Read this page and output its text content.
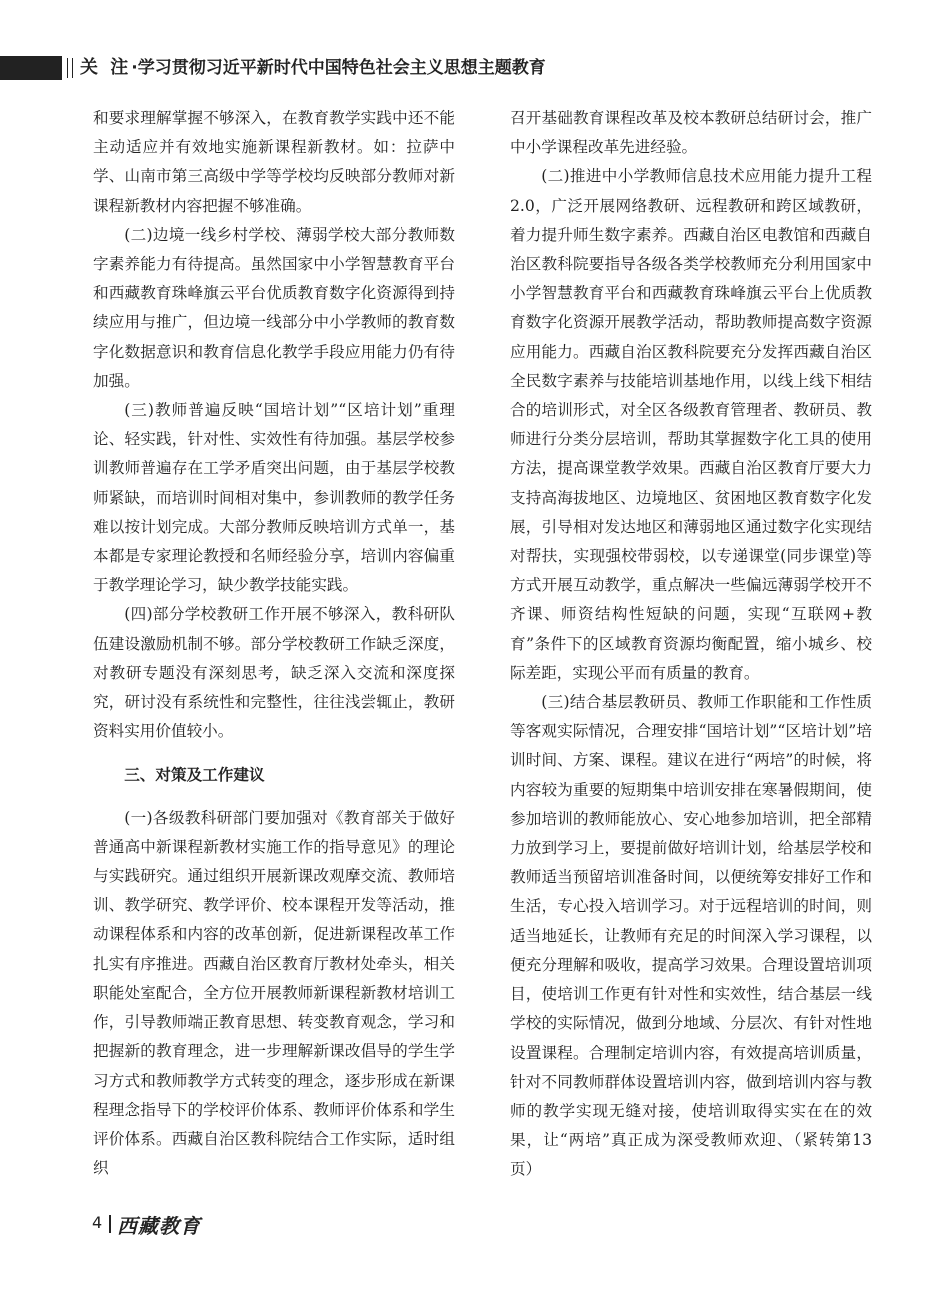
关 注·学习贯彻习近平新时代中国特色社会主义思想主题教育

和要求理解掌握不够深入，在教育教学实践中还不能主动适应并有效地实施新课程新教材。如：拉萨中学、山南市第三高级中学等学校均反映部分教师对新课程新教材内容把握不够准确。

(二)边境一线乡村学校、薄弱学校大部分教师数字素养能力有待提高。虽然国家中小学智慧教育平台和西藏教育珠峰旗云平台优质教育数字化资源得到持续应用与推广，但边境一线部分中小学教师的教育数字化数据意识和教育信息化教学手段应用能力仍有待加强。

(三)教师普遍反映“国培计划”“区培计划”重理论、轻实践，针对性、实效性有待加强。基层学校参训教师普遍存在工学矛盾突出问题，由于基层学校教师紧缺，而培训时间相对集中，参训教师的教学任务难以按计划完成。大部分教师反映培训方式单一，基本都是专家理论教授和名师经验分享，培训内容偏重于教学理论学习，缺少教学技能实践。

(四)部分学校教研工作开展不够深入，教科研队伍建设激励机制不够。部分学校教研工作缺乏深度，对教研专题没有深刻思考，缺乏深入交流和深度探究，研讨没有系统性和完整性，往往浅尝辄止，教研资料实用价值较小。

三、对策及工作建议

(一)各级教科研部门要加强对《教育部关于做好普通高中新课程新教材实施工作的指导意见》的理论与实践研究。通过组织开展新课改观摩交流、教师培训、教学研究、教学评价、校本课程开发等活动，推动课程体系和内容的改革创新，促进新课程改革工作扎实有序推进。西藏自治区教育厅教材处牵头，相关职能处室配合，全方位开展教师新课程新教材培训工作，引导教师端正教育思想、转变教育观念，学习和把握新的教育理念，进一步理解新课改倡导的学生学习方式和教师教学方式转变的理念，逐步形成在新课程理念指导下的学校评价体系、教师评价体系和学生评价体系。西藏自治区教科院结合工作实际，适时组织

召开基础教育课程改革及校本教研总结研讨会，推广中小学课程改革先进经验。

(二)推进中小学教师信息技术应用能力提升工程2.0，广泛开展网络教研、远程教研和跨区域教研，着力提升师生数字素养。西藏自治区电教馆和西藏自治区教科院要指导各级各类学校教师充分利用国家中小学智慧教育平台和西藏教育珠峰旗云平台上优质教育数字化资源开展教学活动，帮助教师提高数字资源应用能力。西藏自治区教科院要充分发挥西藏自治区全民数字素养与技能培训基地作用，以线上线下相结合的培训形式，对全区各级教育管理者、教研员、教师进行分类分层培训，帮助其掌握数字化工具的使用方法，提高课堂教学效果。西藏自治区教育厅要大力支持高海拔地区、边境地区、贫困地区教育数字化发展，引导相对发达地区和薄弱地区通过数字化实现结对帮扶，实现强校带弱校，以专递课堂(同步课堂)等方式开展互动教学，重点解决一些偏远薄弱学校开不齐课、师资结构性短缺的问题，实现“互联网+教育”条件下的区域教育资源均衡配置，缩小城乡、校际差距，实现公平而有质量的教育。

(三)结合基层教研员、教师工作职能和工作性质等客观实际情况，合理安排“国培计划”“区培计划”培训时间、方案、课程。建议在进行“两培”的时候，将内容较为重要的短期集中培训安排在寒暑假期间，使参加培训的教师能放心、安心地参加培训，把全部精力放到学习上，要提前做好培训计划，给基层学校和教师适当预留培训准备时间，以便统筹安排好工作和生活，专心投入培训学习。对于远程培训的时间，则适当地延长，让教师有充足的时间深入学习课程，以便充分理解和吸收，提高学习效果。合理设置培训项目，使培训工作更有针对性和实效性，结合基层一线学校的实际情况，做到分地域、分层次、有针对性地设置课程。合理制定培训内容，有效提高培训质量，针对不同教师群体设置培训内容，做到培训内容与教师的教学实现无缝对接，使培训取得实实在在的效果，让“两培”真正成为深受教师欢迎、（紧转第13页）

4 西藏教育
